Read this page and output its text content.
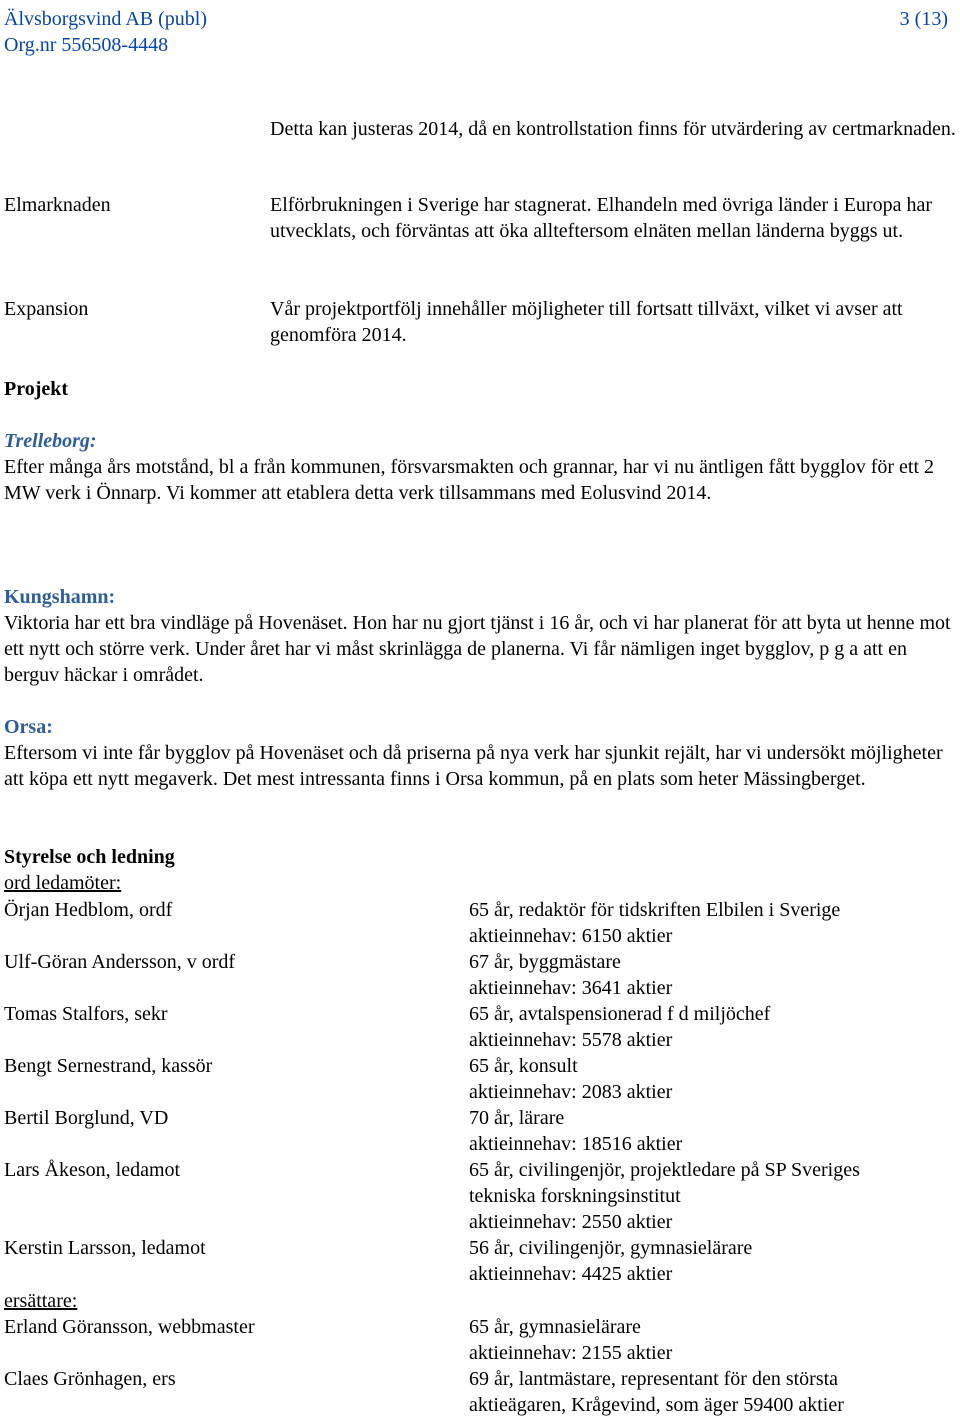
Älvsborgsvind AB (publ)
Org.nr 556508-4448
3 (13)
Detta kan justeras 2014, då en kontrollstation finns för utvärdering av certmarknaden.
Elmarknaden	Elförbrukningen i Sverige har stagnerat. Elhandeln med övriga länder i Europa har utvecklats, och förväntas att öka allteftersom elnäten mellan länderna byggs ut.
Expansion	Vår projektportfölj innehåller möjligheter till fortsatt tillväxt, vilket vi avser att genomföra 2014.
Projekt
Trelleborg:
Efter många års motstånd, bl a från kommunen, försvarsmakten och grannar, har vi nu äntligen fått bygglov för ett 2 MW verk i Önnarp. Vi kommer att etablera detta verk tillsammans med Eolusvind 2014.
Kungshamn:
Viktoria har ett bra vindläge på Hovenäset. Hon har nu gjort tjänst i 16 år, och vi har planerat för att byta ut henne mot ett nytt och större verk. Under året har vi måst skrinlägga de planerna. Vi får nämligen inget bygglov, p g a att en berguv häckar i området.
Orsa:
Eftersom vi inte får bygglov på Hovenäset och då priserna på nya verk har sjunkit rejält, har vi undersökt möjligheter att köpa ett nytt megaverk. Det mest intressanta finns i Orsa kommun, på en plats som heter Mässingberget.
Styrelse och ledning
ord ledamöter:
Örjan Hedblom, ordf	65 år, redaktör för tidskriften Elbilen i Sverige
aktieinnehav: 6150 aktier
Ulf-Göran Andersson, v ordf	67 år, byggmästare
aktieinnehav: 3641 aktier
Tomas Stalfors, sekr	65 år, avtalspensionerad f d miljöchef
aktieinnehav: 5578 aktier
Bengt Sernestrand, kassör	65 år, konsult
aktieinnehav: 2083 aktier
Bertil Borglund, VD	70 år, lärare
aktieinnehav: 18516 aktier
Lars Åkeson, ledamot	65 år, civilingenjör, projektledare på SP Sveriges
tekniska forskningsinstitut
aktieinnehav: 2550 aktier
Kerstin Larsson, ledamot	56 år, civilingenjör, gymnasielärare
aktieinnehav: 4425 aktier
ersättare:
Erland Göransson, webbmaster	65 år, gymnasielärare
aktieinnehav: 2155 aktier
Claes Grönhagen, ers	69 år, lantmästare, representant för den största
aktieägaren, Krågevind, som äger 59400 aktier
